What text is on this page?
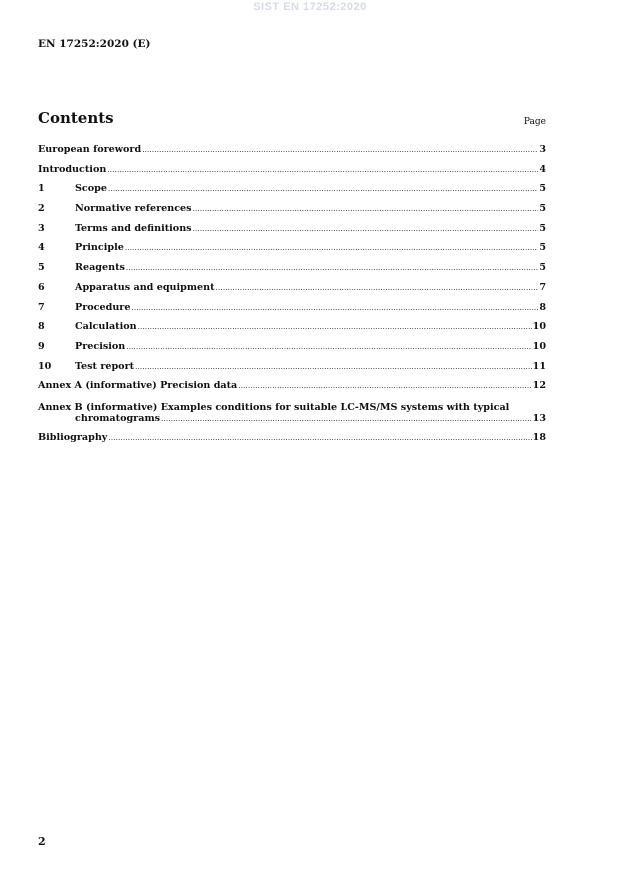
SIST EN 17252:2020
EN 17252:2020 (E)
Contents	Page
European foreword .....	3
Introduction .....	4
1	Scope .....	5
2	Normative references .....	5
3	Terms and definitions .....	5
4	Principle .....	5
5	Reagents .....	5
6	Apparatus and equipment .....	7
7	Procedure .....	8
8	Calculation .....	10
9	Precision .....	10
10	Test report .....	11
Annex A (informative) Precision data .....	12
Annex B (informative) Examples conditions for suitable LC-MS/MS systems with typical
chromatograms .....	13
Bibliography .....	18
2
